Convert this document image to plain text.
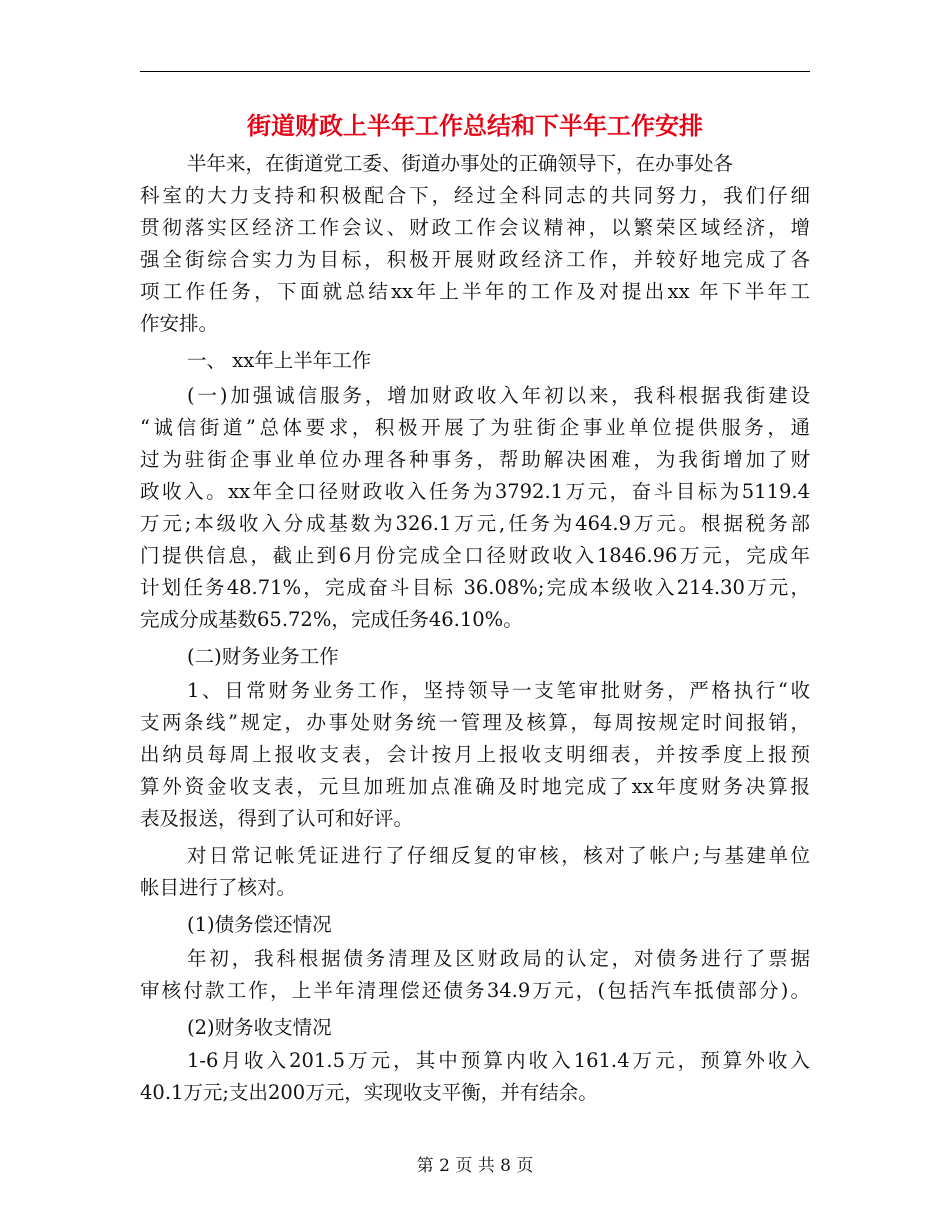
街道财政上半年工作总结和下半年工作安排
半年来，在街道党工委、街道办事处的正确领导下，在办事处各
科室的大力支持和积极配合下，经过全科同志的共同努力，我们仔细
贯彻落实区经济工作会议、财政工作会议精神，以繁荣区域经济，增
强全街综合实力为目标，积极开展财政经济工作，并较好地完成了各
项工作任务，下面就总结xx年上半年的工作及对提出xx 年下半年工
作安排。
一、 xx年上半年工作
(一)加强诚信服务，增加财政收入年初以来，我科根据我街建设
“诚信街道”总体要求，积极开展了为驻街企事业单位提供服务，通
过为驻街企事业单位办理各种事务，帮助解决困难，为我街增加了财
政收入。xx年全口径财政收入任务为3792.1万元，奋斗目标为5119.4
万元;本级收入分成基数为326.1万元,任务为464.9万元。根据税务部
门提供信息，截止到6月份完成全口径财政收入1846.96万元，完成年
计划任务48.71%，完成奋斗目标 36.08%;完成本级收入214.30万元，
完成分成基数65.72%，完成任务46.10%。
(二)财务业务工作
1、日常财务业务工作，坚持领导一支笔审批财务，严格执行“收
支两条线”规定，办事处财务统一管理及核算，每周按规定时间报销，
出纳员每周上报收支表，会计按月上报收支明细表，并按季度上报预
算外资金收支表，元旦加班加点准确及时地完成了xx年度财务决算报
表及报送，得到了认可和好评。
对日常记帐凭证进行了仔细反复的审核，核对了帐户;与基建单位
帐目进行了核对。
(1)债务偿还情况
年初，我科根据债务清理及区财政局的认定，对债务进行了票据
审核付款工作，上半年清理偿还债务34.9万元，(包括汽车抵债部分)。
(2)财务收支情况
1-6月收入201.5万元，其中预算内收入161.4万元，预算外收入
40.1万元;支出200万元，实现收支平衡，并有结余。
第 2 页 共 8 页
